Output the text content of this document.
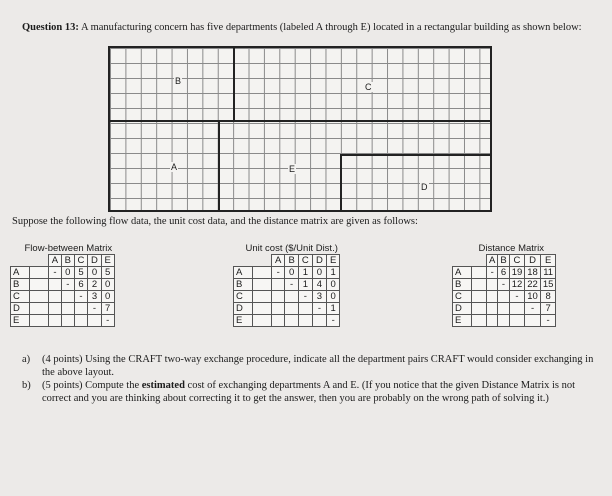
Question 13: A manufacturing concern has five departments (labeled A through E) located in a rectangular building as shown below:
B
C
A	E
D
Suppose the following flow data, the unit cost data, and the distance matrix are given as follows:
Flow-between Matrix						
		A	B	C	D	E
A		-	0	5	0	5
B			-	6	2	0
C				-	3	0
D					-	7
E						-
Unit cost ($/Unit Dist.)						
		A	B	C	D	E
A		-	0	1	0	1
B			-	1	4	0
C				-	3	0
D					-	1
E						-
Distance Matrix						
		A	B	C	D	E
A		-	6	19	18	11
B			-	12	22	15
C				-	10	8
D					-	7
E						-
a)	(4 points) Using the CRAFT two-way exchange procedure, indicate all the department pairs CRAFT would consider exchanging in the above layout.
b)	(5 points) Compute the estimated cost of exchanging departments A and E. (If you notice that the given Distance Matrix is not correct and you are thinking about correcting it to get the answer, then you are probably on the wrong path of solving it.)
